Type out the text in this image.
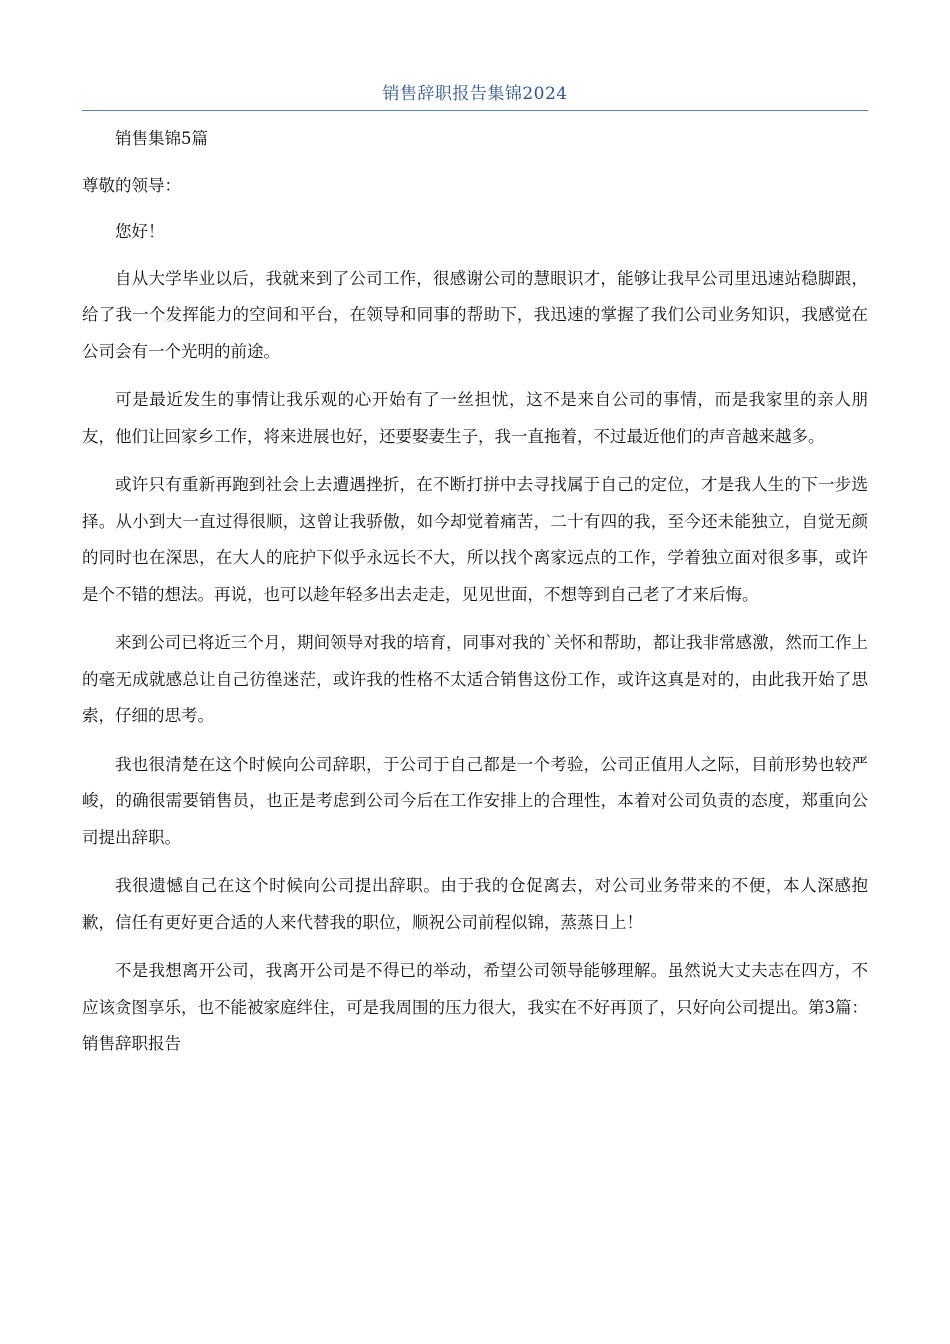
销售辞职报告集锦2024

销售集锦5篇

尊敬的领导：

您好！

自从大学毕业以后，我就来到了公司工作，很感谢公司的慧眼识才，能够让我早公司里迅速站稳脚跟，给了我一个发挥能力的空间和平台，在领导和同事的帮助下，我迅速的掌握了我们公司业务知识，我感觉在公司会有一个光明的前途。

可是最近发生的事情让我乐观的心开始有了一丝担忧，这不是来自公司的事情，而是我家里的亲人朋友，他们让回家乡工作，将来进展也好，还要娶妻生子，我一直拖着，不过最近他们的声音越来越多。

或许只有重新再跑到社会上去遭遇挫折，在不断打拼中去寻找属于自己的定位，才是我人生的下一步选择。从小到大一直过得很顺，这曾让我骄傲，如今却觉着痛苦，二十有四的我，至今还未能独立，自觉无颜的同时也在深思，在大人的庇护下似乎永远长不大，所以找个离家远点的工作，学着独立面对很多事，或许是个不错的想法。再说，也可以趁年轻多出去走走，见见世面，不想等到自己老了才来后悔。

来到公司已将近三个月，期间领导对我的培育，同事对我的`关怀和帮助，都让我非常感激，然而工作上的毫无成就感总让自己彷徨迷茫，或许我的性格不太适合销售这份工作，或许这真是对的，由此我开始了思索，仔细的思考。

我也很清楚在这个时候向公司辞职，于公司于自己都是一个考验，公司正值用人之际，目前形势也较严峻，的确很需要销售员，也正是考虑到公司今后在工作安排上的合理性，本着对公司负责的态度，郑重向公司提出辞职。

我很遗憾自己在这个时候向公司提出辞职。由于我的仓促离去，对公司业务带来的不便，本人深感抱歉，信任有更好更合适的人来代替我的职位，顺祝公司前程似锦，蒸蒸日上！

不是我想离开公司，我离开公司是不得已的举动，希望公司领导能够理解。虽然说大丈夫志在四方，不应该贪图享乐，也不能被家庭绊住，可是我周围的压力很大，我实在不好再顶了，只好向公司提出。第3篇：销售辞职报告
